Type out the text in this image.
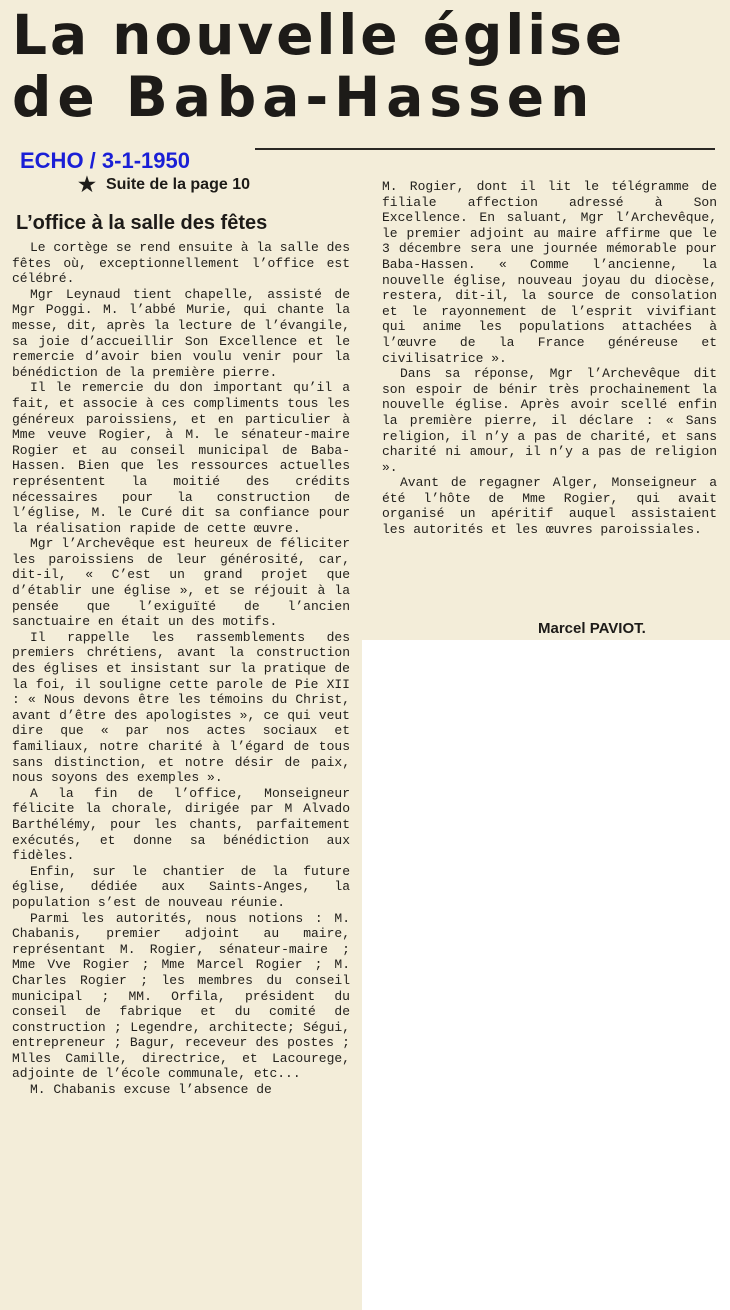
La nouvelle église
de Baba-Hassen
ECHO / 3-1-1950
★ Suite de la page 10
L’office à la salle des fêtes

Le cortège se rend ensuite à la salle des fêtes où, exceptionnellement l’office est célébré.

Mgr Leynaud tient chapelle, assisté de Mgr Poggi. M. l’abbé Murie, qui chante la messe, dit, après la lecture de l’évangile, sa joie d’accueillir Son Excellence et le remercie d’avoir bien voulu venir pour la bénédiction de la première pierre.

Il le remercie du don important qu’il a fait, et associe à ces compliments tous les généreux paroissiens, et en particulier à Mme veuve Rogier, à M. le sénateur-maire Rogier et au conseil municipal de Baba-Hassen. Bien que les ressources actuelles représentent la moitié des crédits nécessaires pour la construction de l’église, M. le Curé dit sa confiance pour la réalisation rapide de cette œuvre.

Mgr l’Archevêque est heureux de féliciter les paroissiens de leur générosité, car, dit-il, « C’est un grand projet que d’établir une église », et se réjouit à la pensée que l’exiguïté de l’ancien sanctuaire en était un des motifs.

Il rappelle les rassemblements des premiers chrétiens, avant la construction des églises et insistant sur la pratique de la foi, il souligne cette parole de Pie XII : « Nous devons être les témoins du Christ, avant d’être des apologistes », ce qui veut dire que « par nos actes sociaux et familiaux, notre charité à l’égard de tous sans distinction, et notre désir de paix, nous soyons des exemples ».

A la fin de l’office, Monseigneur félicite la chorale, dirigée par M Alvado Barthélémy, pour les chants, parfaitement exécutés, et donne sa bénédiction aux fidèles.

Enfin, sur le chantier de la future église, dédiée aux Saints-Anges, la population s’est de nouveau réunie.

Parmi les autorités, nous notions : M. Chabanis, premier adjoint au maire, représentant M. Rogier, sénateur-maire ; Mme Vve Rogier ; Mme Marcel Rogier ; M. Charles Rogier ; les membres du conseil municipal ; MM. Orfila, président du conseil de fabrique et du comité de construction ; Legendre, architecte; Ségui, entrepreneur ; Bagur, receveur des postes ; Mlles Camille, directrice, et Lacourege, adjointe de l’école communale, etc...

M. Chabanis excuse l’absence de

M. Rogier, dont il lit le télégramme de filiale affection adressé à Son Excellence. En saluant, Mgr l’Archevêque, le premier adjoint au maire affirme que le 3 décembre sera une journée mémorable pour Baba-Hassen. « Comme l’ancienne, la nouvelle église, nouveau joyau du diocèse, restera, dit-il, la source de consolation et le rayonnement de l’esprit vivifiant qui anime les populations attachées à l’œuvre de la France généreuse et civilisatrice ».

Dans sa réponse, Mgr l’Archevêque dit son espoir de bénir très prochainement la nouvelle église. Après avoir scellé enfin la première pierre, il déclare : « Sans religion, il n’y a pas de charité, et sans charité ni amour, il n’y a pas de religion ».

Avant de regagner Alger, Monseigneur a été l’hôte de Mme Rogier, qui avait organisé un apéritif auquel assistaient les autorités et les œuvres paroissiales.

Marcel PAVIOT.
